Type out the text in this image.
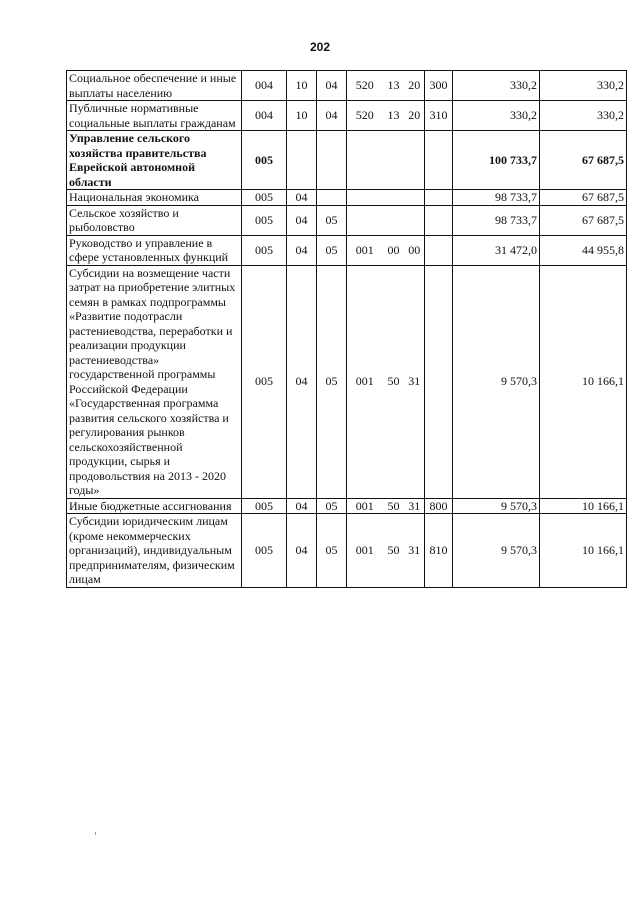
202
Социальное обеспечение и иные выплаты населению	004	10	04	520	13	20	300	330,2	330,2
Публичные нормативные социальные выплаты гражданам	004	10	04	520	13	20	310	330,2	330,2
Управление сельского хозяйства правительства Еврейской автономной области	005							100 733,7	67 687,5
Национальная экономика	005	04						98 733,7	67 687,5
Сельское хозяйство и рыболовство	005	04	05					98 733,7	67 687,5
Руководство и управление в сфере установленных функций	005	04	05	001	00	00		31 472,0	44 955,8
Субсидии на возмещение части затрат на приобретение элитных семян в рамках подпрограммы «Развитие подотрасли растениеводства, переработки и реализации продукции растениеводства» государственной программы Российской Федерации «Государственная программа развития сельского хозяйства и регулирования рынков сельскохозяйственной продукции, сырья и продовольствия на 2013 - 2020 годы»	005	04	05	001	50	31		9 570,3	10 166,1
Иные бюджетные ассигнования	005	04	05	001	50	31	800	9 570,3	10 166,1
Субсидии юридическим лицам (кроме некоммерческих организаций), индивидуальным предпринимателям, физическим лицам	005	04	05	001	50	31	810	9 570,3	10 166,1
